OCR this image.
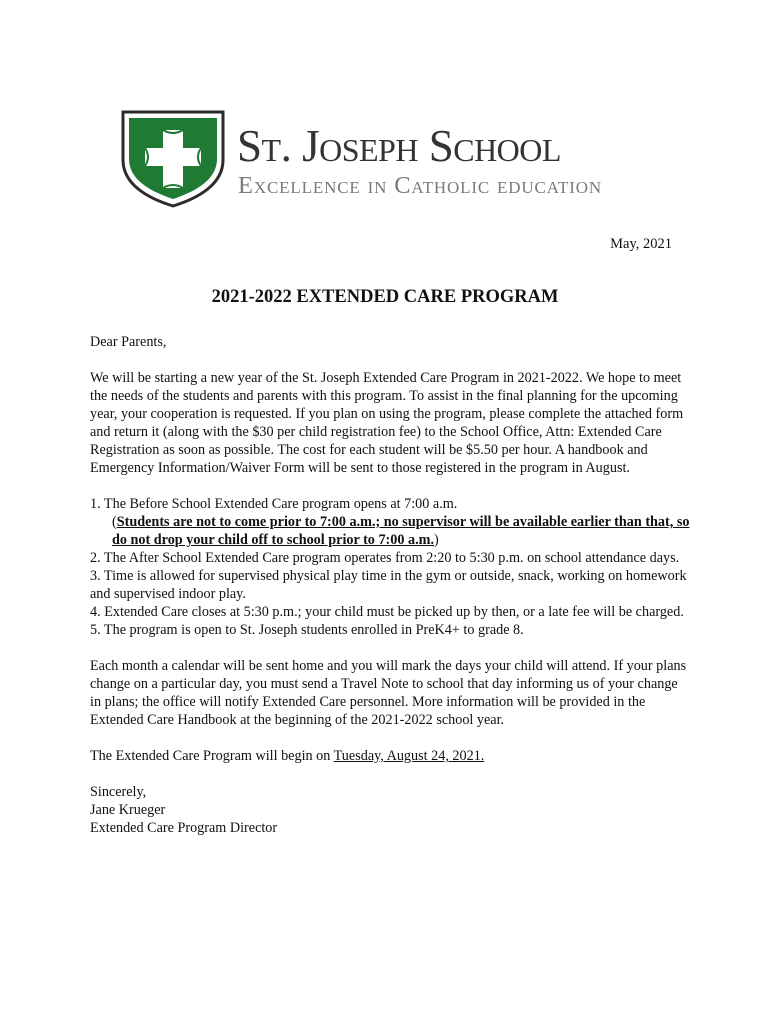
St. Joseph School
Excellence in Catholic education
May, 2021
2021-2022 EXTENDED CARE PROGRAM

Dear Parents,

We will be starting a new year of the St. Joseph Extended Care Program in 2021-2022. We hope to meet the needs of the students and parents with this program. To assist in the final planning for the upcoming year, your cooperation is requested. If you plan on using the program, please complete the attached form and return it (along with the $30 per child registration fee) to the School Office, Attn: Extended Care Registration as soon as possible. The cost for each student will be $5.50 per hour. A handbook and Emergency Information/Waiver Form will be sent to those registered in the program in August.

1. The Before School Extended Care program opens at 7:00 a.m.
(Students are not to come prior to 7:00 a.m.; no supervisor will be available earlier than that, so do not drop your child off to school prior to 7:00 a.m.)
2. The After School Extended Care program operates from 2:20 to 5:30 p.m. on school attendance days.
3. Time is allowed for supervised physical play time in the gym or outside, snack, working on homework and supervised indoor play.
4. Extended Care closes at 5:30 p.m.; your child must be picked up by then, or a late fee will be charged.
5. The program is open to St. Joseph students enrolled in PreK4+ to grade 8.

Each month a calendar will be sent home and you will mark the days your child will attend. If your plans change on a particular day, you must send a Travel Note to school that day informing us of your change in plans; the office will notify Extended Care personnel. More information will be provided in the Extended Care Handbook at the beginning of the 2021-2022 school year.

The Extended Care Program will begin on Tuesday, August 24, 2021.

Sincerely,
Jane Krueger
Extended Care Program Director
